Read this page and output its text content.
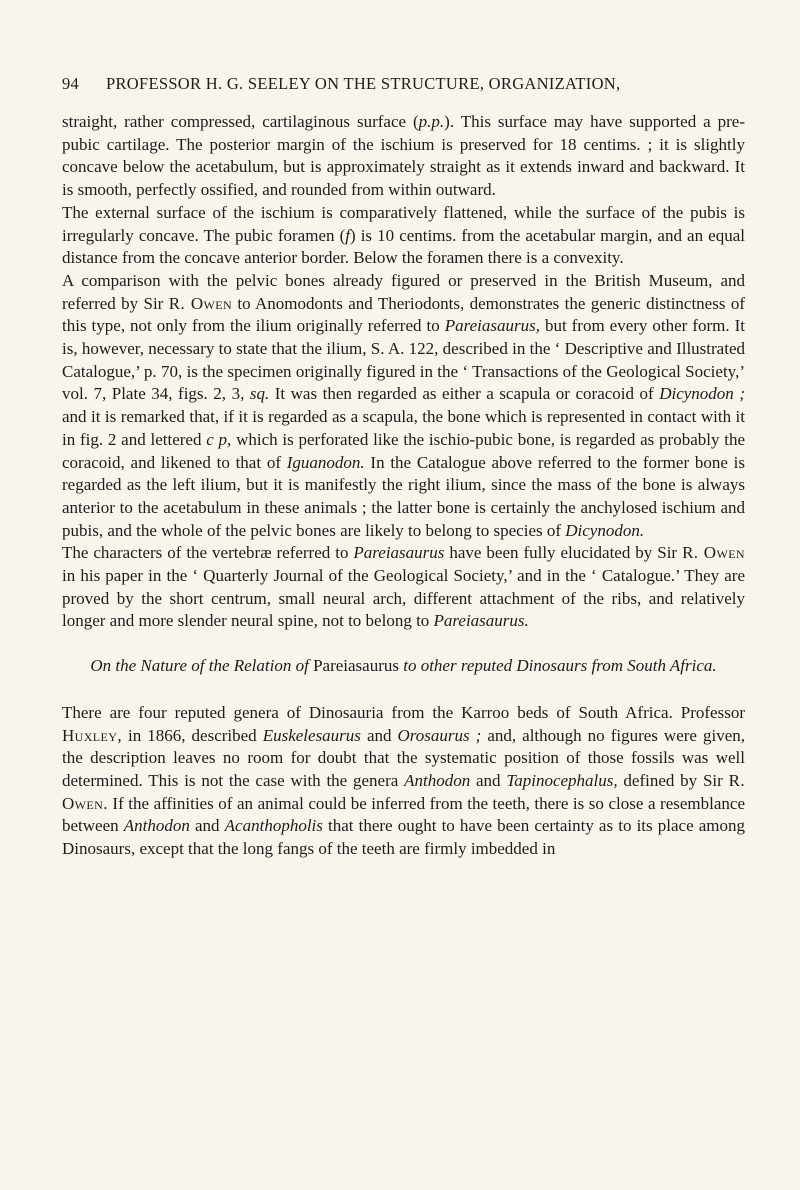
94 PROFESSOR H. G. SEELEY ON THE STRUCTURE, ORGANIZATION,

straight, rather compressed, cartilaginous surface (p.p.). This surface may have supported a pre-pubic cartilage. The posterior margin of the ischium is preserved for 18 centims. ; it is slightly concave below the acetabulum, but is approximately straight as it extends inward and backward. It is smooth, perfectly ossified, and rounded from within outward.

The external surface of the ischium is comparatively flattened, while the surface of the pubis is irregularly concave. The pubic foramen (f) is 10 centims. from the acetabular margin, and an equal distance from the concave anterior border. Below the foramen there is a convexity.

A comparison with the pelvic bones already figured or preserved in the British Museum, and referred by Sir R. Owen to Anomodonts and Theriodonts, demonstrates the generic distinctness of this type, not only from the ilium originally referred to Pareiasaurus, but from every other form. It is, however, necessary to state that the ilium, S. A. 122, described in the ‘ Descriptive and Illustrated Catalogue,’ p. 70, is the specimen originally figured in the ‘ Transactions of the Geological Society,’ vol. 7, Plate 34, figs. 2, 3, sq. It was then regarded as either a scapula or coracoid of Dicynodon ; and it is remarked that, if it is regarded as a scapula, the bone which is represented in contact with it in fig. 2 and lettered c p, which is perforated like the ischio-pubic bone, is regarded as probably the coracoid, and likened to that of Iguanodon. In the Catalogue above referred to the former bone is regarded as the left ilium, but it is manifestly the right ilium, since the mass of the bone is always anterior to the acetabulum in these animals ; the latter bone is certainly the anchylosed ischium and pubis, and the whole of the pelvic bones are likely to belong to species of Dicynodon.

The characters of the vertebræ referred to Pareiasaurus have been fully elucidated by Sir R. Owen in his paper in the ‘ Quarterly Journal of the Geological Society,’ and in the ‘ Catalogue.’ They are proved by the short centrum, small neural arch, different attachment of the ribs, and relatively longer and more slender neural spine, not to belong to Pareiasaurus.

On the Nature of the Relation of Pareiasaurus to other reputed Dinosaurs from South Africa.

There are four reputed genera of Dinosauria from the Karroo beds of South Africa. Professor Huxley, in 1866, described Euskelesaurus and Orosaurus ; and, although no figures were given, the description leaves no room for doubt that the systematic position of those fossils was well determined. This is not the case with the genera Anthodon and Tapinocephalus, defined by Sir R. Owen. If the affinities of an animal could be inferred from the teeth, there is so close a resemblance between Anthodon and Acanthopholis that there ought to have been certainty as to its place among Dinosaurs, except that the long fangs of the teeth are firmly imbedded in
